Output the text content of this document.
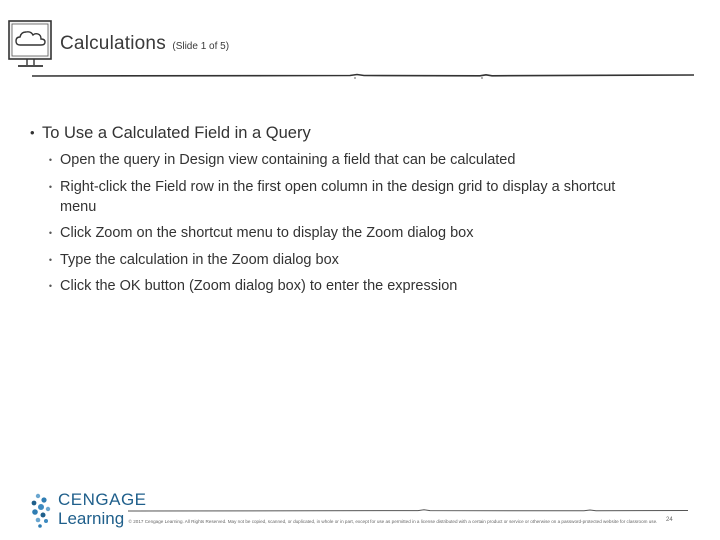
Calculations (Slide 1 of 5)
• To Use a Calculated Field in a Query
• Open the query in Design view containing a field that can be calculated
• Right-click the Field row in the first open column in the design grid to display a shortcut menu
• Click Zoom on the shortcut menu to display the Zoom dialog box
• Type the calculation in the Zoom dialog box
• Click the OK button (Zoom dialog box) to enter the expression
CENGAGE
Learning © 2017 Cengage Learning. All Rights Reserved. May not be copied, scanned, or duplicated, in whole or in part, except for use as permitted in a license distributed with a certain product or service or otherwise on a password-protected website for classroom use. 24
